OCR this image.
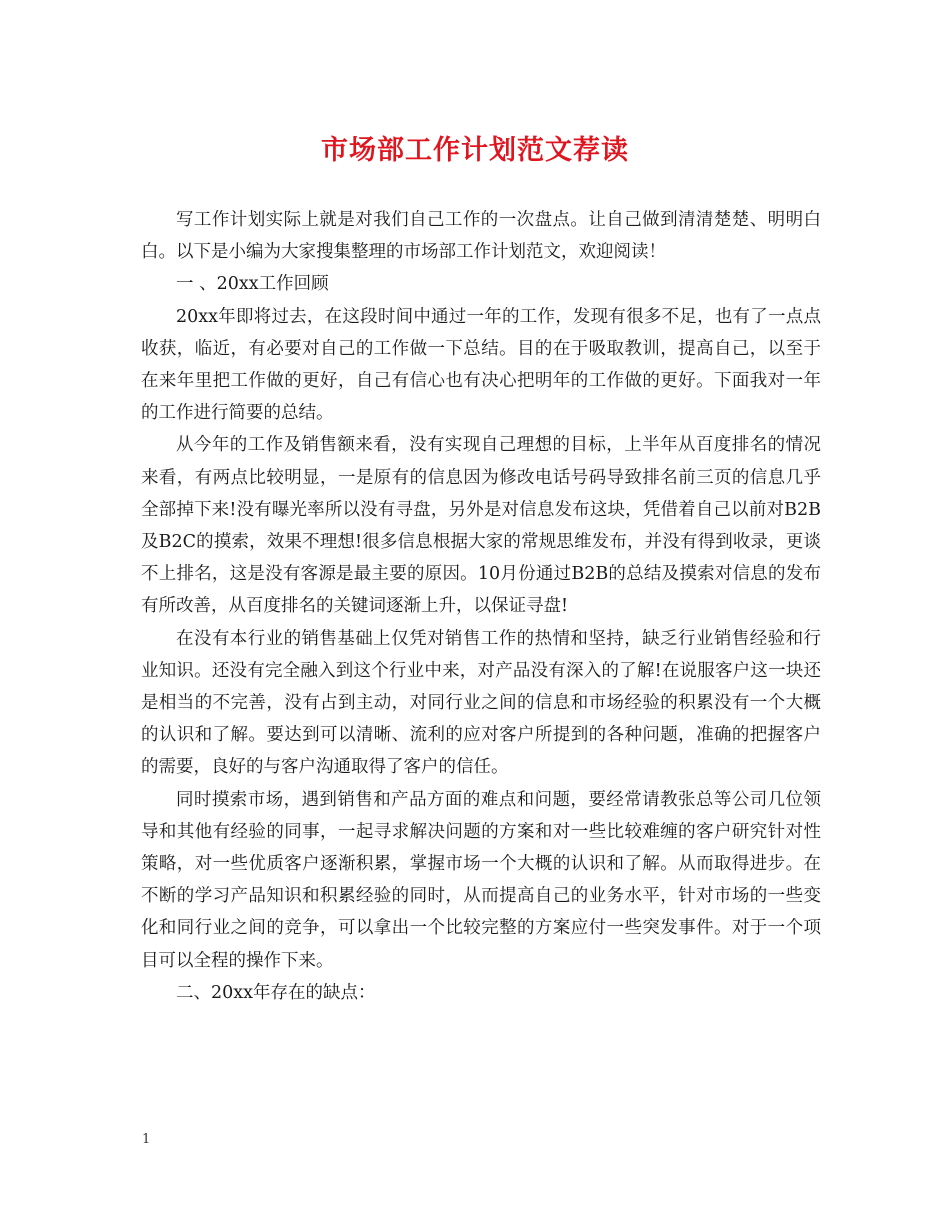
市场部工作计划范文荐读

写工作计划实际上就是对我们自己工作的一次盘点。让自己做到清清楚楚、明明白白。以下是小编为大家搜集整理的市场部工作计划范文，欢迎阅读！

一 、20xx工作回顾

20xx年即将过去，在这段时间中通过一年的工作，发现有很多不足，也有了一点点收获，临近，有必要对自己的工作做一下总结。目的在于吸取教训，提高自己，以至于在来年里把工作做的更好，自己有信心也有决心把明年的工作做的更好。下面我对一年的工作进行简要的总结。

从今年的工作及销售额来看，没有实现自己理想的目标，上半年从百度排名的情况来看，有两点比较明显，一是原有的信息因为修改电话号码导致排名前三页的信息几乎全部掉下来!没有曝光率所以没有寻盘，另外是对信息发布这块，凭借着自己以前对B2B及B2C的摸索，效果不理想!很多信息根据大家的常规思维发布，并没有得到收录，更谈不上排名，这是没有客源是最主要的原因。10月份通过B2B的总结及摸索对信息的发布有所改善，从百度排名的关键词逐渐上升，以保证寻盘!

在没有本行业的销售基础上仅凭对销售工作的热情和坚持，缺乏行业销售经验和行业知识。还没有完全融入到这个行业中来，对产品没有深入的了解!在说服客户这一块还是相当的不完善，没有占到主动，对同行业之间的信息和市场经验的积累没有一个大概的认识和了解。要达到可以清晰、流利的应对客户所提到的各种问题，准确的把握客户的需要，良好的与客户沟通取得了客户的信任。

同时摸索市场，遇到销售和产品方面的难点和问题，要经常请教张总等公司几位领导和其他有经验的同事，一起寻求解决问题的方案和对一些比较难缠的客户研究针对性策略，对一些优质客户逐渐积累，掌握市场一个大概的认识和了解。从而取得进步。在不断的学习产品知识和积累经验的同时，从而提高自己的业务水平，针对市场的一些变化和同行业之间的竞争，可以拿出一个比较完整的方案应付一些突发事件。对于一个项目可以全程的操作下来。

二、20xx年存在的缺点：

1
